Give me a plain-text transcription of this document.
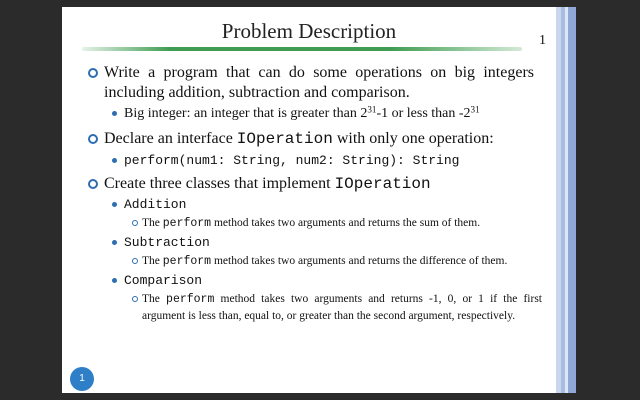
Problem Description	1
Write a program that can do some operations on big integers including addition, subtraction and comparison.
Big integer: an integer that is greater than $2^{31}-1$ or less than $-2^{31}$
Declare an interface IOperation with only one operation:
perform(num1: String, num2: String): String
Create three classes that implement IOperation
Addition
The perform method takes two arguments and returns the sum of them.
Subtraction
The perform method takes two arguments and returns the difference of them.
Comparison
The perform method takes two arguments and returns -1, 0, or 1 if the first argument is less than, equal to, or greater than the second argument, respectively.
1
